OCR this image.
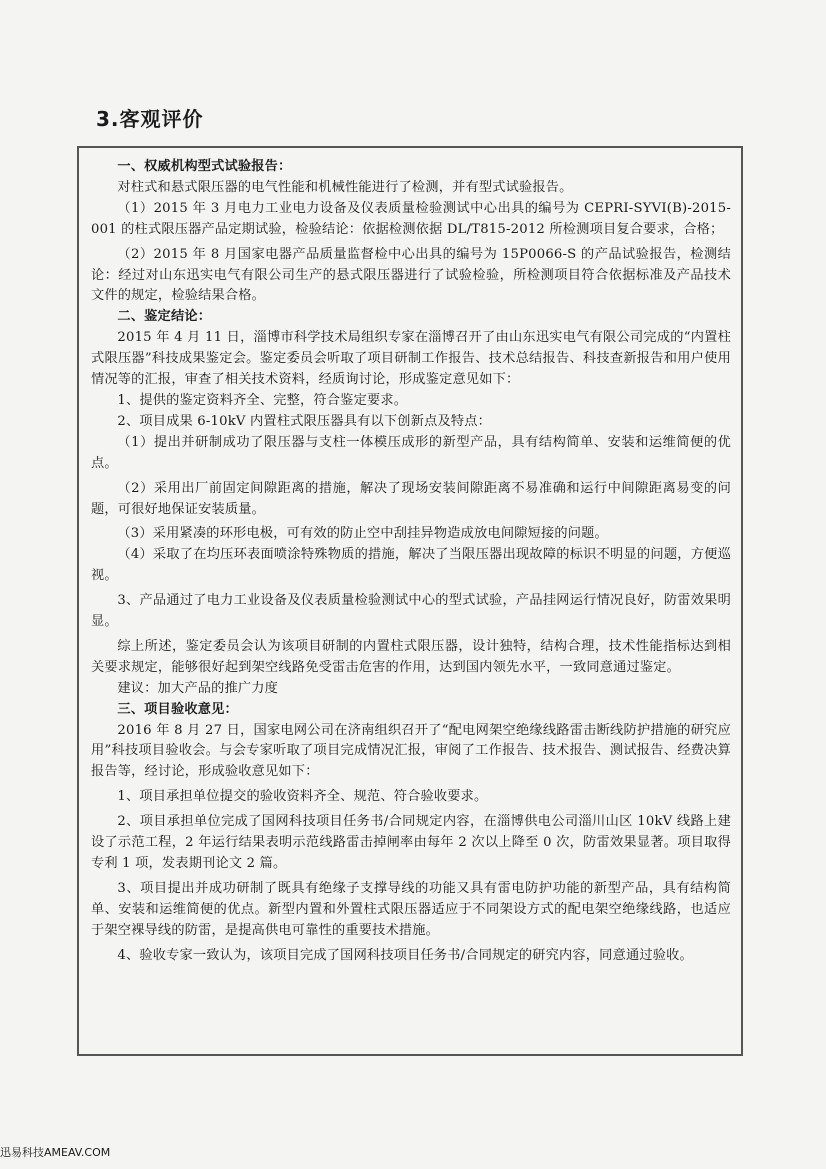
3.客观评价

一、权威机构型式试验报告：

对柱式和悬式限压器的电气性能和机械性能进行了检测，并有型式试验报告。

（1）2015 年 3 月电力工业电力设备及仪表质量检验测试中心出具的编号为 CEPRI-SYVI(B)-2015-001 的柱式限压器产品定期试验，检验结论：依据检测依据 DL/T815-2012 所检测项目复合要求，合格；

（2）2015 年 8 月国家电器产品质量监督检中心出具的编号为 15P0066-S 的产品试验报告，检测结论：经过对山东迅实电气有限公司生产的悬式限压器进行了试验检验，所检测项目符合依据标准及产品技术文件的规定，检验结果合格。

二、鉴定结论：

2015 年 4 月 11 日，淄博市科学技术局组织专家在淄博召开了由山东迅实电气有限公司完成的“内置柱式限压器”科技成果鉴定会。鉴定委员会听取了项目研制工作报告、技术总结报告、科技查新报告和用户使用情况等的汇报，审查了相关技术资料，经质询讨论，形成鉴定意见如下：

1、提供的鉴定资料齐全、完整，符合鉴定要求。

2、项目成果 6-10kV 内置柱式限压器具有以下创新点及特点：

（1）提出并研制成功了限压器与支柱一体模压成形的新型产品，具有结构简单、安装和运维简便的优点。

（2）采用出厂前固定间隙距离的措施，解决了现场安装间隙距离不易准确和运行中间隙距离易变的问题，可很好地保证安装质量。

（3）采用紧凑的环形电极，可有效的防止空中刮挂异物造成放电间隙短接的问题。

（4）采取了在均压环表面喷涂特殊物质的措施，解决了当限压器出现故障的标识不明显的问题，方便巡视。

3、产品通过了电力工业设备及仪表质量检验测试中心的型式试验，产品挂网运行情况良好，防雷效果明显。

综上所述，鉴定委员会认为该项目研制的内置柱式限压器，设计独特，结构合理，技术性能指标达到相关要求规定，能够很好起到架空线路免受雷击危害的作用，达到国内领先水平，一致同意通过鉴定。

建议：加大产品的推广力度

三、项目验收意见：

2016 年 8 月 27 日，国家电网公司在济南组织召开了“配电网架空绝缘线路雷击断线防护措施的研究应用”科技项目验收会。与会专家听取了项目完成情况汇报，审阅了工作报告、技术报告、测试报告、经费决算报告等，经讨论，形成验收意见如下：

1、项目承担单位提交的验收资料齐全、规范、符合验收要求。

2、项目承担单位完成了国网科技项目任务书/合同规定内容，在淄博供电公司淄川山区 10kV 线路上建设了示范工程，2 年运行结果表明示范线路雷击掉闸率由每年 2 次以上降至 0 次，防雷效果显著。项目取得专利 1 项，发表期刊论文 2 篇。

3、项目提出并成功研制了既具有绝缘子支撑导线的功能又具有雷电防护功能的新型产品，具有结构简单、安装和运维简便的优点。新型内置和外置柱式限压器适应于不同架设方式的配电架空绝缘线路，也适应于架空裸导线的防雷，是提高供电可靠性的重要技术措施。

4、验收专家一致认为，该项目完成了国网科技项目任务书/合同规定的研究内容，同意通过验收。

迅易科技AMEAV.COM
